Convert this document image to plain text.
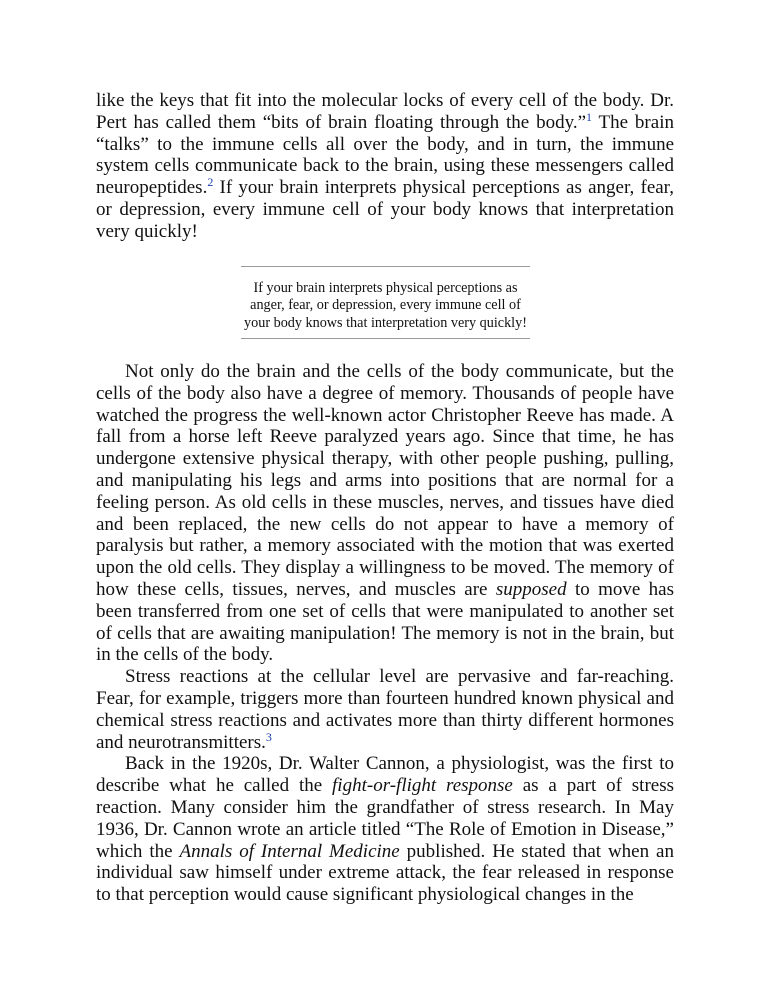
like the keys that fit into the molecular locks of every cell of the body. Dr. Pert has called them “bits of brain floating through the body.”$^1$ The brain “talks” to the immune cells all over the body, and in turn, the immune system cells communicate back to the brain, using these messengers called neuropeptides.$^2$ If your brain interprets physical perceptions as anger, fear, or depression, every immune cell of your body knows that interpretation very quickly!

If your brain interprets physical perceptions as anger, fear, or depression, every immune cell of your body knows that interpretation very quickly!

Not only do the brain and the cells of the body communicate, but the cells of the body also have a degree of memory. Thousands of people have watched the progress the well-known actor Christopher Reeve has made. A fall from a horse left Reeve paralyzed years ago. Since that time, he has undergone extensive physical therapy, with other people pushing, pulling, and manipulating his legs and arms into positions that are normal for a feeling person. As old cells in these muscles, nerves, and tissues have died and been replaced, the new cells do not appear to have a memory of paralysis but rather, a memory associated with the motion that was exerted upon the old cells. They display a willingness to be moved. The memory of how these cells, tissues, nerves, and muscles are supposed to move has been transferred from one set of cells that were manipulated to another set of cells that are awaiting manipulation! The memory is not in the brain, but in the cells of the body.

Stress reactions at the cellular level are pervasive and far-reaching. Fear, for example, triggers more than fourteen hundred known physical and chemical stress reactions and activates more than thirty different hormones and neurotransmitters.$^3$

Back in the 1920s, Dr. Walter Cannon, a physiologist, was the first to describe what he called the fight-or-flight response as a part of stress reaction. Many consider him the grandfather of stress research. In May 1936, Dr. Cannon wrote an article titled “The Role of Emotion in Disease,” which the Annals of Internal Medicine published. He stated that when an individual saw himself under extreme attack, the fear released in response to that perception would cause significant physiological changes in the
